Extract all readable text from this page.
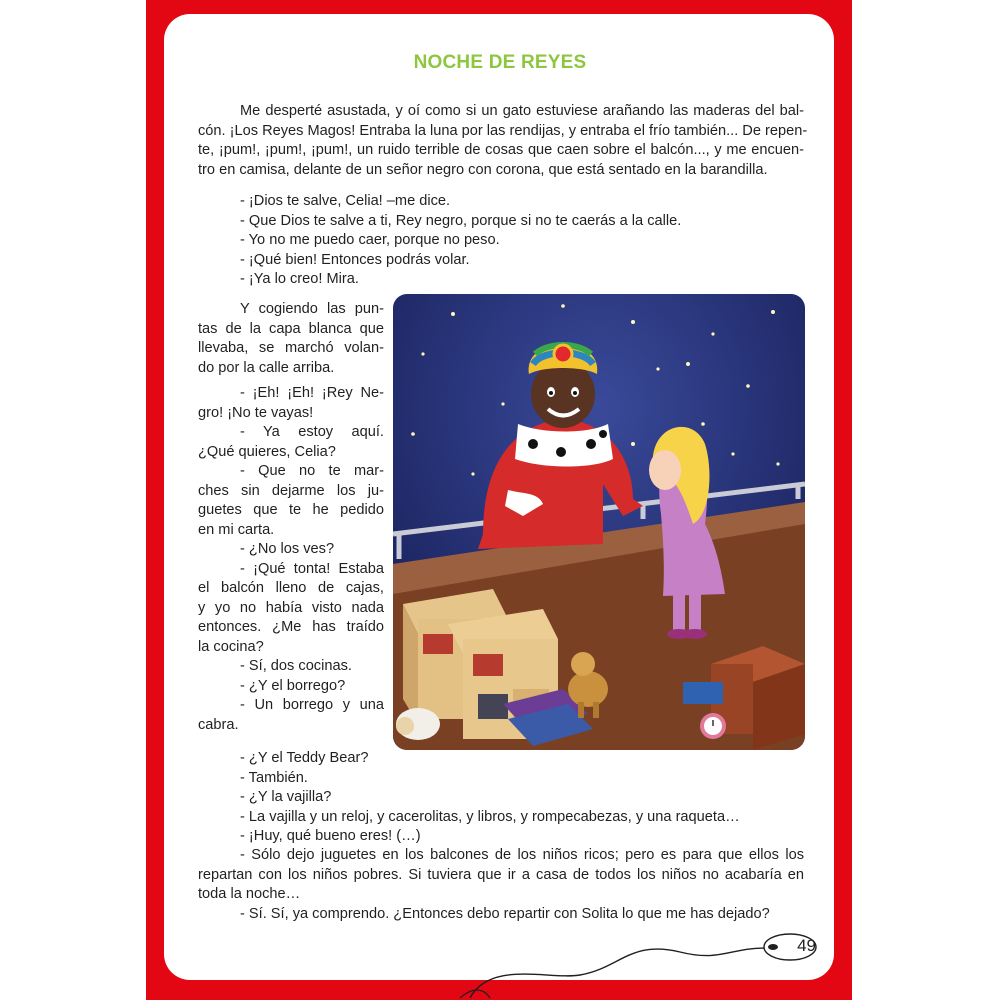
NOCHE DE REYES
Me desperté asustada, y oí como si un gato estuviese arañando las maderas del bal-
cón. ¡Los Reyes Magos! Entraba la luna por las rendijas, y entraba el frío también... De repen-
te, ¡pum!, ¡pum!, ¡pum!, un ruido terrible de cosas que caen sobre el balcón..., y me encuen-
tro en camisa, delante de un señor negro con corona, que está sentado en la barandilla.
- ¡Dios te salve, Celia! –me dice.
- Que Dios te salve a ti, Rey negro, porque si no te caerás a la calle.
- Yo no me puedo caer, porque no peso.
- ¡Qué bien! Entonces podrás volar.
- ¡Ya lo creo! Mira.
Y cogiendo las pun-
tas de la capa blanca que
llevaba, se marchó volan-
do por la calle arriba.
- ¡Eh! ¡Eh! ¡Rey Ne-
gro! ¡No te vayas!
- Ya estoy aquí.
¿Qué quieres, Celia?
- Que no te mar-
ches sin dejarme los ju-
guetes que te he pedido
en mi carta.
- ¿No los ves?
- ¡Qué tonta! Estaba
el balcón lleno de cajas,
y yo no había visto nada
entonces. ¿Me has traído
la cocina?
- Sí, dos cocinas.
- ¿Y el borrego?
- Un borrego y una
cabra.
- ¿Y el Teddy Bear?
- También.
- ¿Y la vajilla?
- La vajilla y un reloj, y cacerolitas, y libros, y rompecabezas, y una raqueta…
- ¡Huy, qué bueno eres! (…)
- Sólo dejo juguetes en los balcones de los niños ricos; pero es para que ellos los
repartan con los niños pobres. Si tuviera que ir a casa de todos los niños no acabaría en
toda la noche…
- Sí. Sí, ya comprendo. ¿Entonces debo repartir con Solita lo que me has dejado?
49
